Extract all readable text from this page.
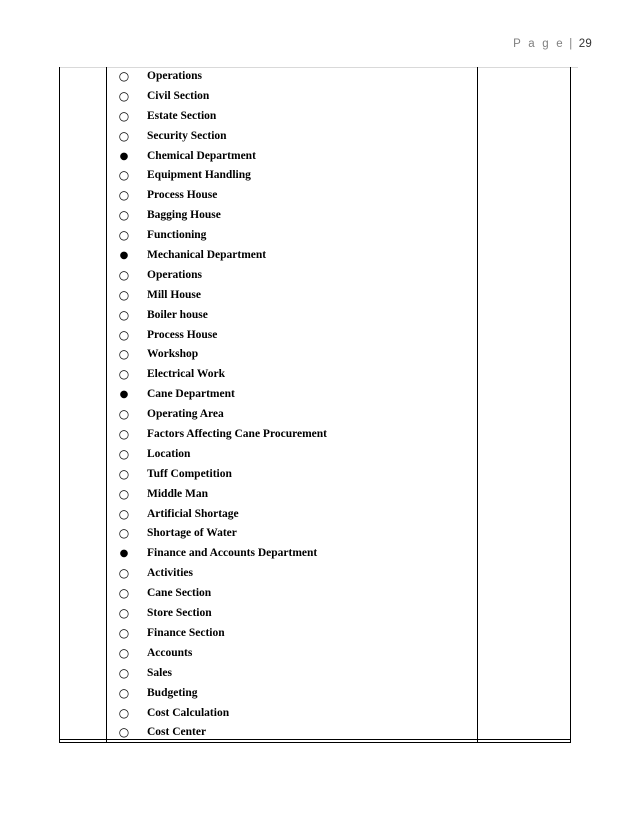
P a g e | 29
○ Operations
○ Civil Section
○ Estate Section
○ Security Section
● Chemical Department
○ Equipment Handling
○ Process House
○ Bagging House
○ Functioning
● Mechanical Department
○ Operations
○ Mill House
○ Boiler house
○ Process House
○ Workshop
○ Electrical Work
● Cane Department
○ Operating Area
○ Factors Affecting Cane Procurement
○ Location
○ Tuff Competition
○ Middle Man
○ Artificial Shortage
○ Shortage of Water
● Finance and Accounts Department
○ Activities
○ Cane Section
○ Store Section
○ Finance Section
○ Accounts
○ Sales
○ Budgeting
○ Cost Calculation
○ Cost Center
